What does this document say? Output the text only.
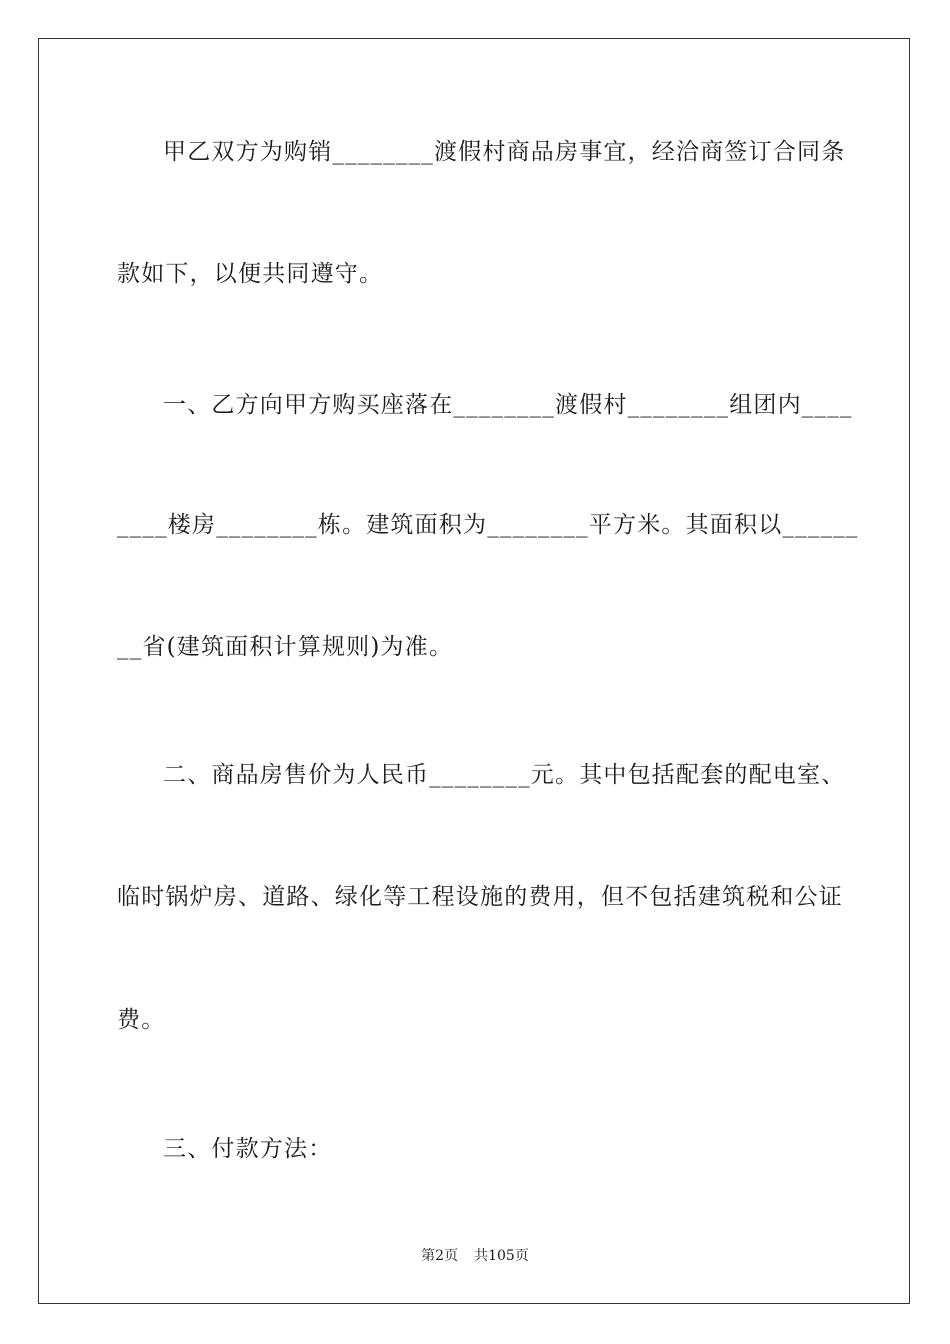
甲乙双方为购销________渡假村商品房事宜，经洽商签订合同条
款如下，以便共同遵守。
一、乙方向甲方购买座落在________渡假村________组团内____
____楼房________栋。建筑面积为________平方米。其面积以______
__省(建筑面积计算规则)为准。
二、商品房售价为人民币________元。其中包括配套的配电室、
临时锅炉房、道路、绿化等工程设施的费用，但不包括建筑税和公证
费。
三、付款方法：
第2页 共105页
